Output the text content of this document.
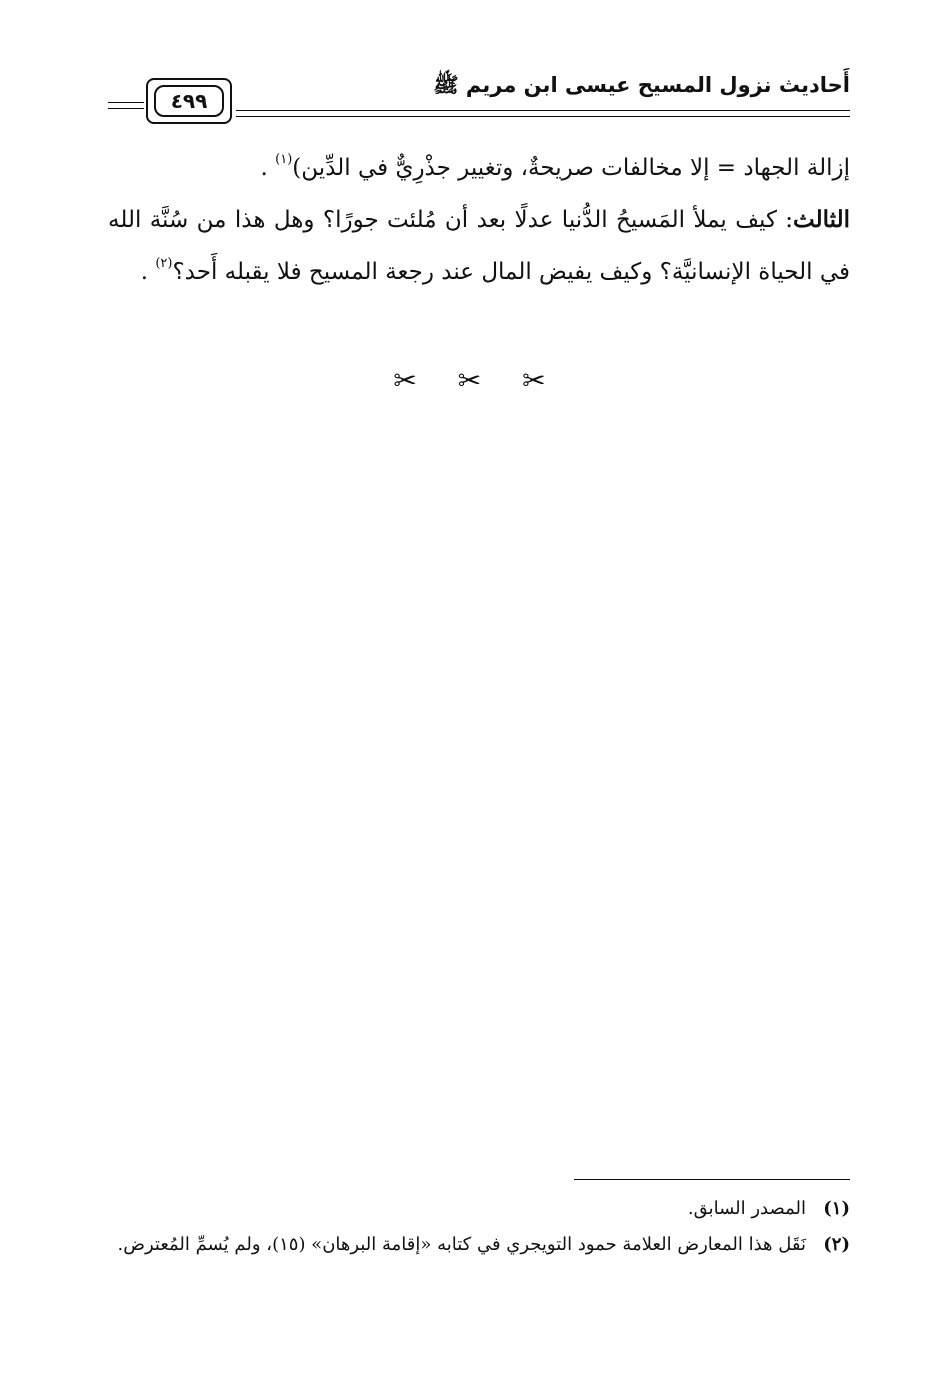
أَحاديث نزول المسيح عيسى ابن مريم ﷺ
٤٩٩

إزالة الجهاد = إلا مخالفات صريحةٌ، وتغيير جذْرِيٌّ في الدِّين)$^{(١)}$ .

الثالث: كيف يملأ المَسيحُ الدُّنيا عدلًا بعد أن مُلئت جورًا؟ وهل هذا من سُنَّة الله في الحياة الإنسانيَّة؟ وكيف يفيض المال عند رجعة المسيح فلا يقبله أَحد؟$^{(٢)}$ .

✂ ✂ ✂
(١)
المصدر السابق.
(٢)
نَقَل هذا المعارض العلامة حمود التويجري في كتابه «إقامة البرهان» (١٥)، ولم يُسمِّ المُعترض.
